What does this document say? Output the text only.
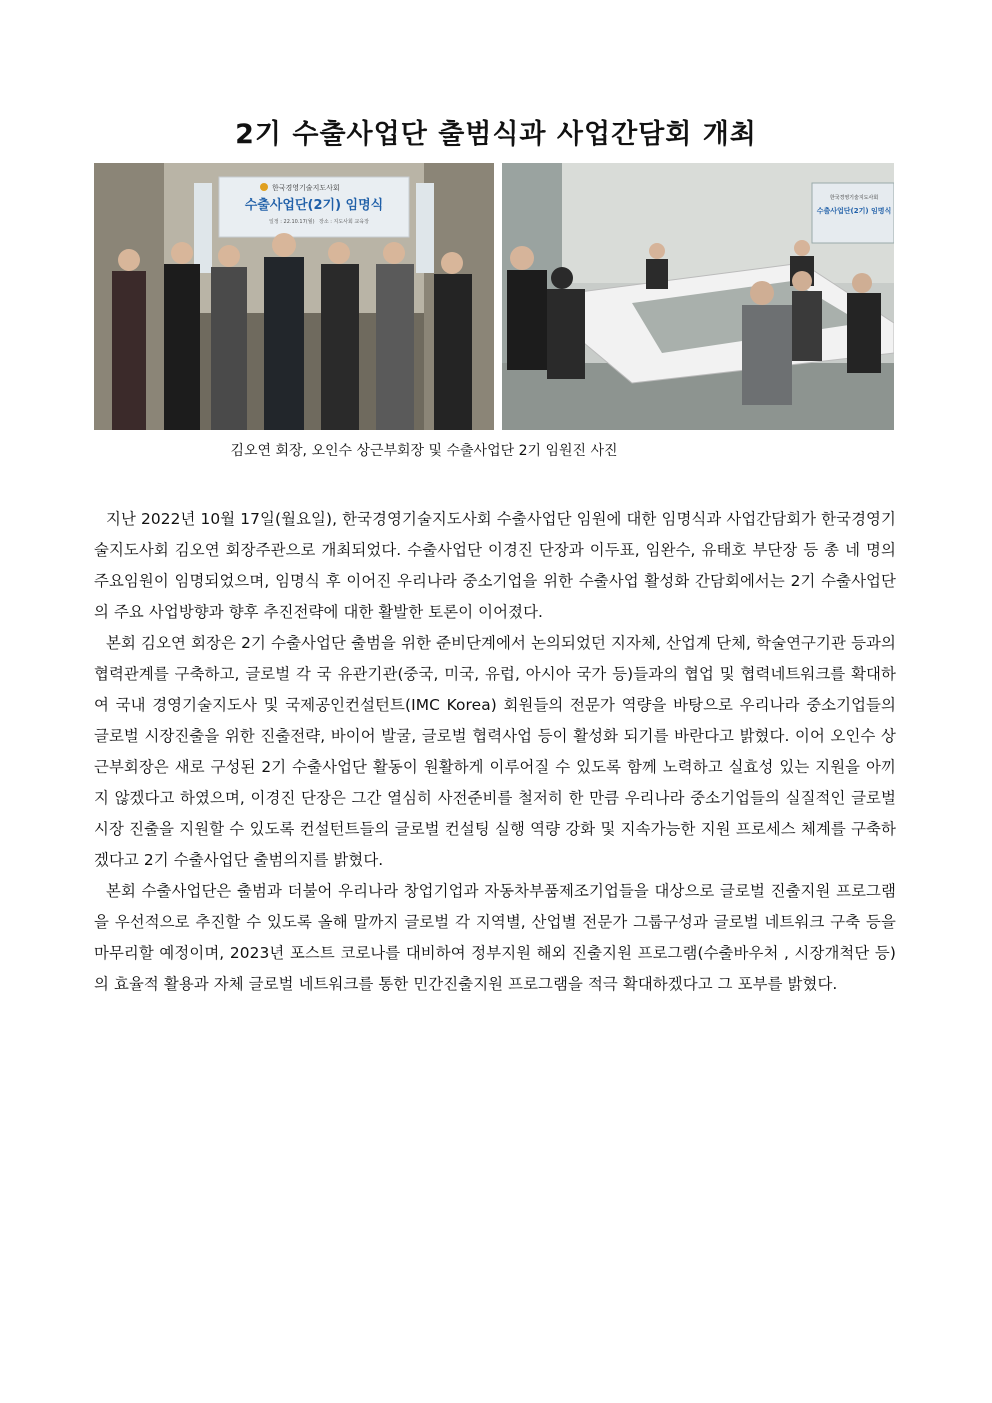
2기 수출사업단 출범식과 사업간담회 개최
한국경영기술지도사회
수출사업단(2기) 임명식
일정 : 22.10.17(월) 장소 : 지도사회 교육장
한국경영기술지도사회
수출사업단(2기) 임명식
김오연 회장, 오인수 상근부회장 및 수출사업단 2기 임원진 사진

지난 2022년 10월 17일(월요일), 한국경영기술지도사회 수출사업단 임원에 대한 임명식과 사업간담회가 한국경영기술지도사회 김오연 회장주관으로 개최되었다. 수출사업단 이경진 단장과 이두표, 임완수, 유태호 부단장 등 총 네 명의 주요임원이 임명되었으며, 임명식 후 이어진 우리나라 중소기업을 위한 수출사업 활성화 간담회에서는 2기 수출사업단의 주요 사업방향과 향후 추진전략에 대한 활발한 토론이 이어졌다.

본회 김오연 회장은 2기 수출사업단 출범을 위한 준비단계에서 논의되었던 지자체, 산업계 단체, 학술연구기관 등과의 협력관계를 구축하고, 글로벌 각 국 유관기관(중국, 미국, 유럽, 아시아 국가 등)들과의 협업 및 협력네트워크를 확대하여 국내 경영기술지도사 및 국제공인컨설턴트(IMC Korea) 회원들의 전문가 역량을 바탕으로 우리나라 중소기업들의 글로벌 시장진출을 위한 진출전략, 바이어 발굴, 글로벌 협력사업 등이 활성화 되기를 바란다고 밝혔다. 이어 오인수 상근부회장은 새로 구성된 2기 수출사업단 활동이 원활하게 이루어질 수 있도록 함께 노력하고 실효성 있는 지원을 아끼지 않겠다고 하였으며, 이경진 단장은 그간 열심히 사전준비를 철저히 한 만큼 우리나라 중소기업들의 실질적인 글로벌시장 진출을 지원할 수 있도록 컨설턴트들의 글로벌 컨설팅 실행 역량 강화 및 지속가능한 지원 프로세스 체계를 구축하겠다고 2기 수출사업단 출범의지를 밝혔다.

본회 수출사업단은 출범과 더불어 우리나라 창업기업과 자동차부품제조기업들을 대상으로 글로벌 진출지원 프로그램을 우선적으로 추진할 수 있도록 올해 말까지 글로벌 각 지역별, 산업별 전문가 그룹구성과 글로벌 네트워크 구축 등을 마무리할 예정이며, 2023년 포스트 코로나를 대비하여 정부지원 해외 진출지원 프로그램(수출바우처 , 시장개척단 등)의 효율적 활용과 자체 글로벌 네트워크를 통한 민간진출지원 프로그램을 적극 확대하겠다고 그 포부를 밝혔다.
